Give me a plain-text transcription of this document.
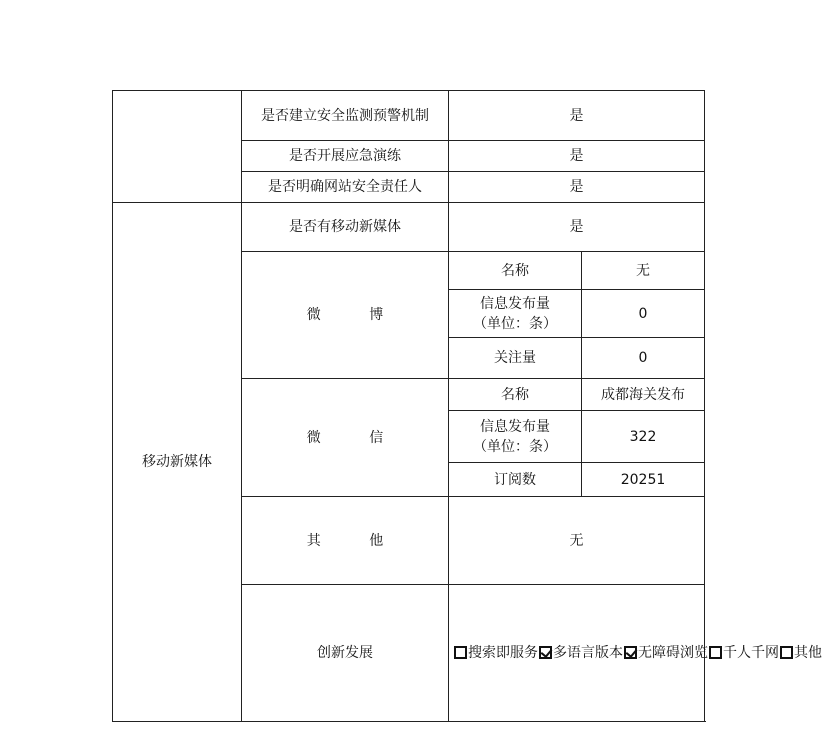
	是否建立安全监测预警机制	是	
	是否开展应急演练	是	
	是否明确网站安全责任人	是	
移动新媒体	是否有移动新媒体	是	
	微 博	名称	无
		信息发布量（单位：条）	0
		关注量	0
	微 信	名称	成都海关发布
		信息发布量（单位：条）	322
		订阅数	20251
	其 他	无	
	创新发展	搜索即服务 多语言版本 无障碍浏览 千人千网 其他	
